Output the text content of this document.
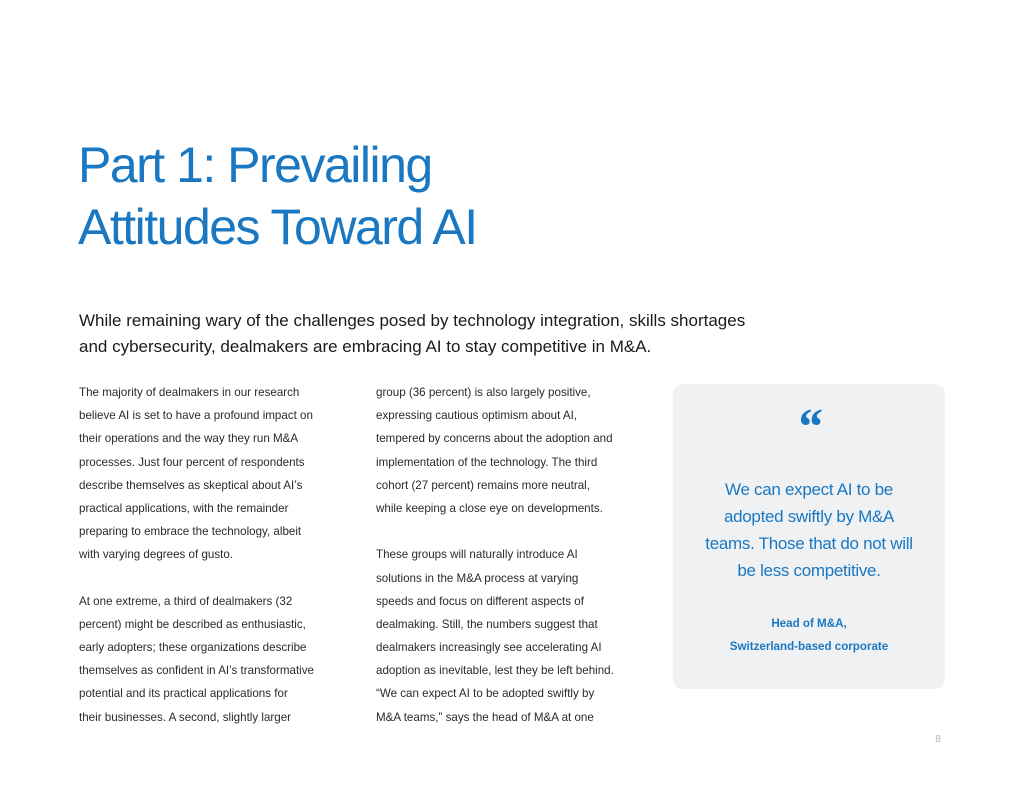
Part 1: Prevailing
Attitudes Toward AI

While remaining wary of the challenges posed by technology integration, skills shortages
and cybersecurity, dealmakers are embracing AI to stay competitive in M&A.

The majority of dealmakers in our research
believe AI is set to have a profound impact on
their operations and the way they run M&A
processes. Just four percent of respondents
describe themselves as skeptical about AI’s
practical applications, with the remainder
preparing to embrace the technology, albeit
with varying degrees of gusto.
At one extreme, a third of dealmakers (32
percent) might be described as enthusiastic,
early adopters; these organizations describe
themselves as confident in AI’s transformative
potential and its practical applications for
their businesses. A second, slightly larger
group (36 percent) is also largely positive,
expressing cautious optimism about AI,
tempered by concerns about the adoption and
implementation of the technology. The third
cohort (27 percent) remains more neutral,
while keeping a close eye on developments.
These groups will naturally introduce AI
solutions in the M&A process at varying
speeds and focus on different aspects of
dealmaking. Still, the numbers suggest that
dealmakers increasingly see accelerating AI
adoption as inevitable, lest they be left behind.
“We can expect AI to be adopted swiftly by
M&A teams,” says the head of M&A at one
“
We can expect AI to be
adopted swiftly by M&A
teams. Those that do not will
be less competitive.
Head of M&A,
Switzerland-based corporate
8
